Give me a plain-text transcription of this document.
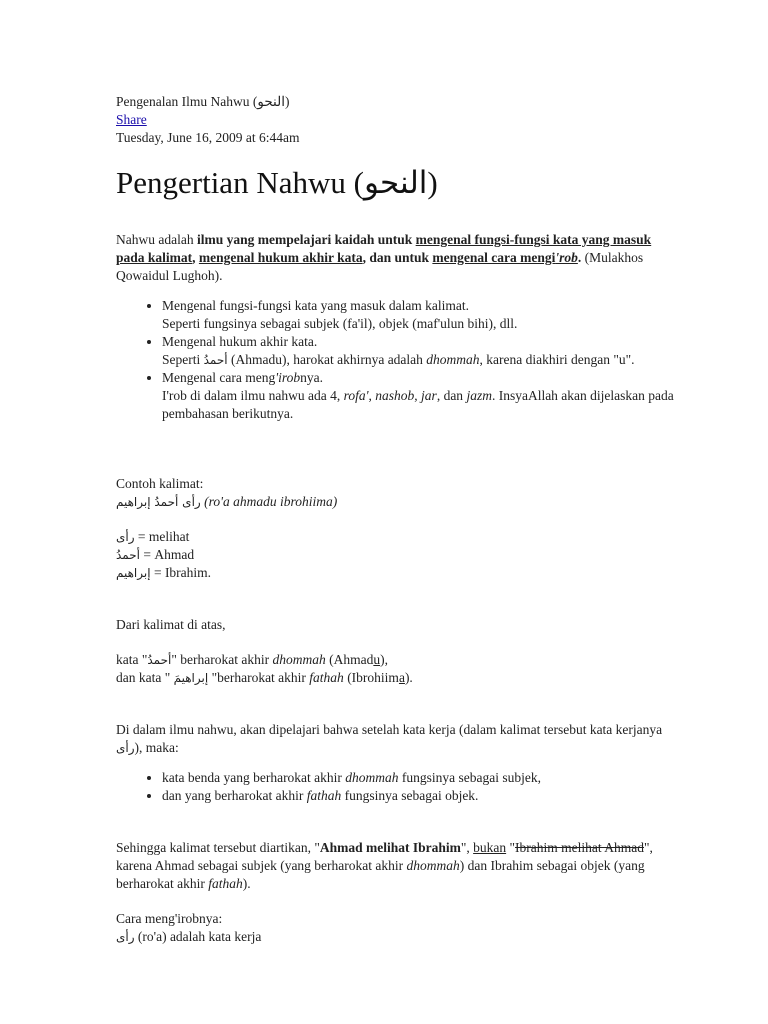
Pengenalan Ilmu Nahwu (النحو)

Share

Tuesday, June 16, 2009 at 6:44am

Pengertian Nahwu (النحو)

Nahwu adalah ilmu yang mempelajari kaidah untuk mengenal fungsi-fungsi kata yang masuk pada kalimat, mengenal hukum akhir kata, dan untuk mengenal cara mengi'rob. (Mulakhos Qowaidul Lughoh).

• Mengenal fungsi-fungsi kata yang masuk dalam kalimat.
Seperti fungsinya sebagai subjek (fa'il), objek (maf'ulun bihi), dll.
• Mengenal hukum akhir kata.
Seperti أحمدُ (Ahmadu), harokat akhirnya adalah dhommah, karena diakhiri dengan "u".
• Mengenal cara meng'irobnya.
I'rob di dalam ilmu nahwu ada 4, rofa', nashob, jar, dan jazm. InsyaAllah akan dijelaskan pada pembahasan berikutnya.

Contoh kalimat:

رأى أحمدُ إبراهيم (ro'a ahmadu ibrohiima)

رأى = melihat

أحمدُ = Ahmad

إبراهيم = Ibrahim.

Dari kalimat di atas,

kata "أحمدُ" berharokat akhir dhommah (Ahmadu),

dan kata " إبراهيمَ "berharokat akhir fathah (Ibrohiima).

Di dalam ilmu nahwu, akan dipelajari bahwa setelah kata kerja (dalam kalimat tersebut kata kerjanya رأى), maka:

• kata benda yang berharokat akhir dhommah fungsinya sebagai subjek,
• dan yang berharokat akhir fathah fungsinya sebagai objek.

Sehingga kalimat tersebut diartikan, "Ahmad melihat Ibrahim", bukan "Ibrahim melihat Ahmad", karena Ahmad sebagai subjek (yang berharokat akhir dhommah) dan Ibrahim sebagai objek (yang berharokat akhir fathah).

Cara meng'irobnya:

رأى (ro'a) adalah kata kerja
